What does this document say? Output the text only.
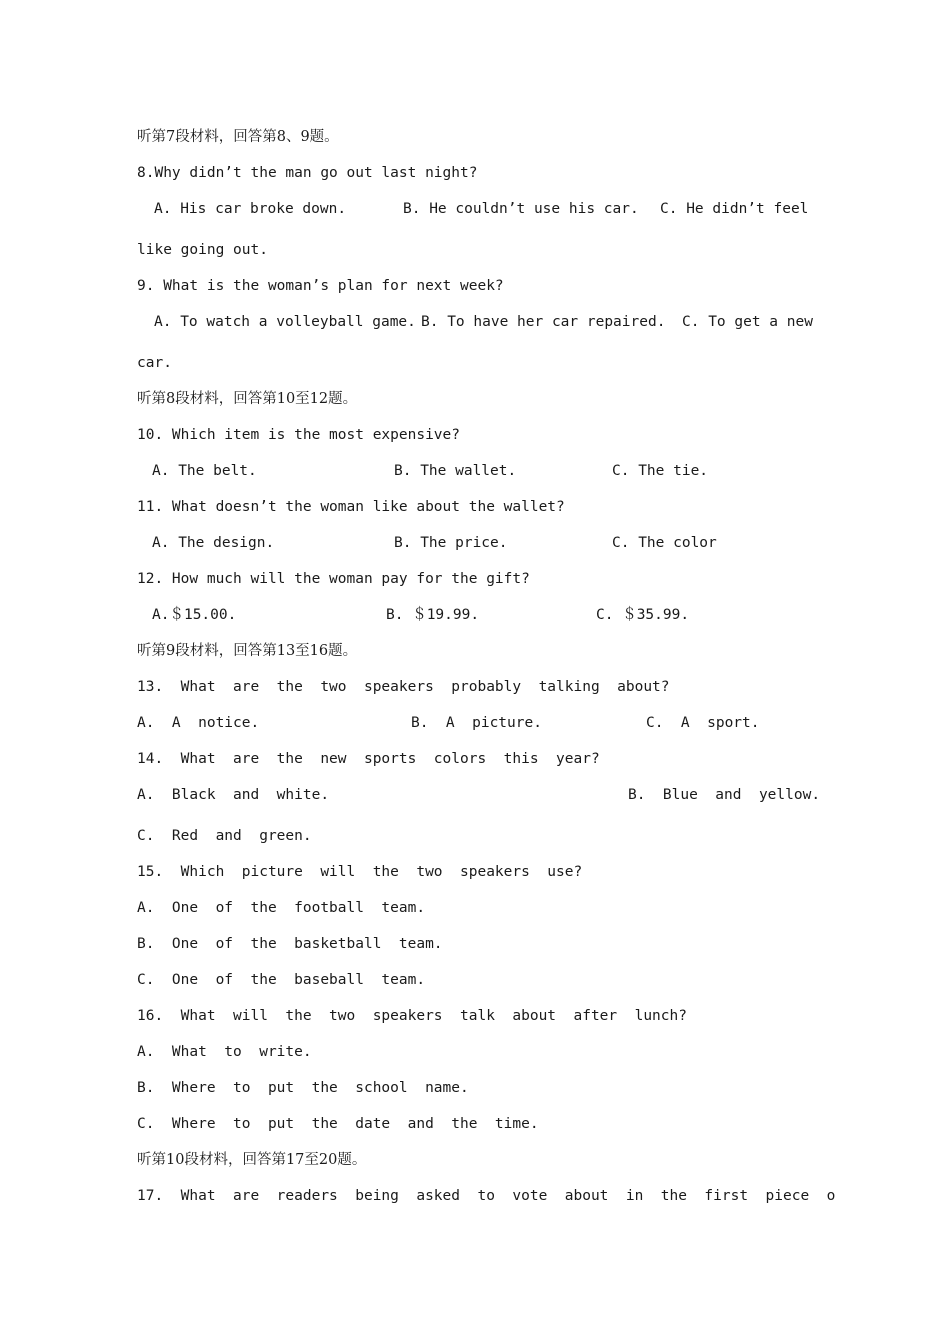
听第7段材料，回答第8、9题。
8.Why didn’t the man go out last night?
A. His car broke down.	B. He couldn’t use his car. C. He didn’t feel
like going out.
9. What is the woman’s plan for next week?
A. To watch a volleyball game. B. To have her car repaired. C. To get a new
car.
听第8段材料，回答第10至12题。
10. Which item is the most expensive?
A. The belt.	B. The wallet.	C. The tie.
11. What doesn’t the woman like about the wallet?
A. The design.	B. The price.	C. The color
12. How much will the woman pay for the gift?
A.＄15.00.	B. ＄19.99.	C. ＄35.99.
听第9段材料，回答第13至16题。
13.  What  are  the  two  speakers  probably  talking  about?
A.  A  notice.	B.  A  picture.	C.  A  sport.
14.  What  are  the  new  sports  colors  this  year?
A.  Black  and  white.	B.  Blue  and  yellow.
C.  Red  and  green.
15.  Which  picture  will  the  two  speakers  use?
A.  One  of  the  football  team.
B.  One  of  the  basketball  team.
C.  One  of  the  baseball  team.
16.  What  will  the  two  speakers  talk  about  after  lunch?
A.  What  to  write.
B.  Where  to  put  the  school  name.
C.  Where  to  put  the  date  and  the  time.
听第10段材料，回答第17至20题。
17.  What  are  readers  being  asked  to  vote  about  in  the  first  piece  o
